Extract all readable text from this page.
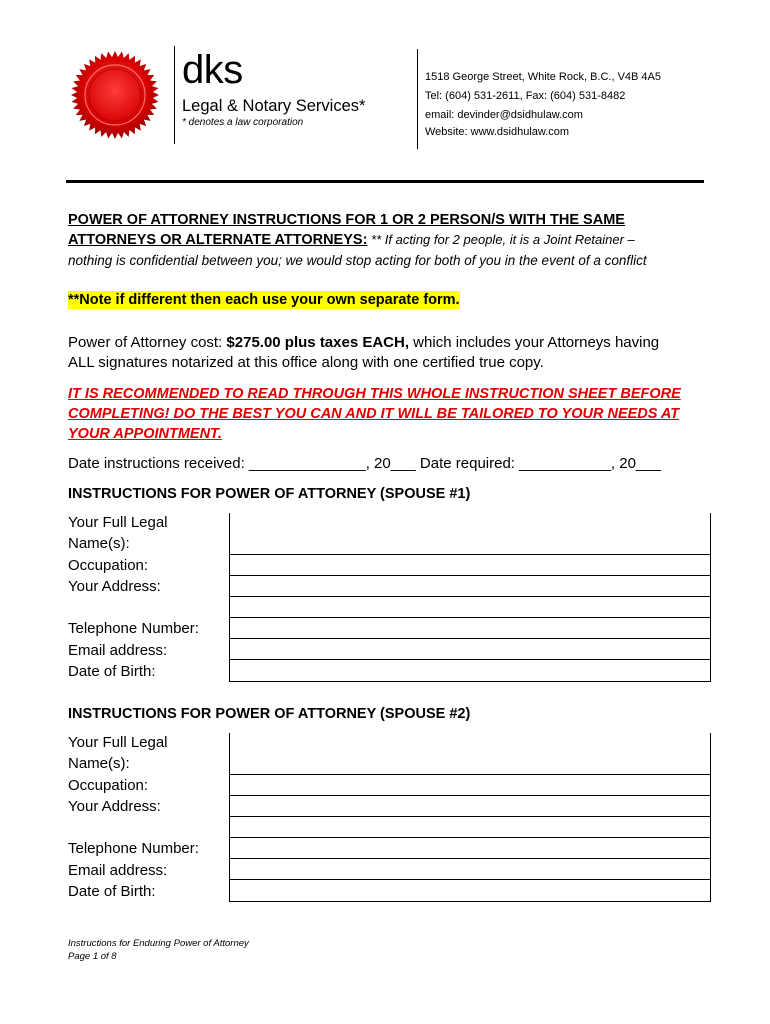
dks
Legal & Notary Services*
* denotes a law corporation
1518 George Street, White Rock, B.C., V4B 4A5
Tel: (604) 531-2611, Fax: (604) 531-8482
email: devinder@dsidhulaw.com
Website: www.dsidhulaw.com
POWER OF ATTORNEY INSTRUCTIONS FOR 1 OR 2 PERSON/S WITH THE SAME
ATTORNEYS OR ALTERNATE ATTORNEYS: ** If acting for 2 people, it is a Joint Retainer –
nothing is confidential between you; we would stop acting for both of you in the event of a conflict
**Note if different then each use your own separate form.
Power of Attorney cost: $275.00 plus taxes EACH, which includes your Attorneys having
ALL signatures notarized at this office along with one certified true copy.
IT IS RECOMMENDED TO READ THROUGH THIS WHOLE INSTRUCTION SHEET BEFORE
COMPLETING! DO THE BEST YOU CAN AND IT WILL BE TAILORED TO YOUR NEEDS AT
YOUR APPOINTMENT.
Date instructions received: ______________, 20___ Date required: ___________, 20___
INSTRUCTIONS FOR POWER OF ATTORNEY (SPOUSE #1)
Your Full Legal
Name(s):
Occupation:
Your Address:
Telephone Number:
Email address:
Date of Birth:
INSTRUCTIONS FOR POWER OF ATTORNEY (SPOUSE #2)
Your Full Legal
Name(s):
Occupation:
Your Address:
Telephone Number:
Email address:
Date of Birth:
Instructions for Enduring Power of Attorney
Page 1 of 8
